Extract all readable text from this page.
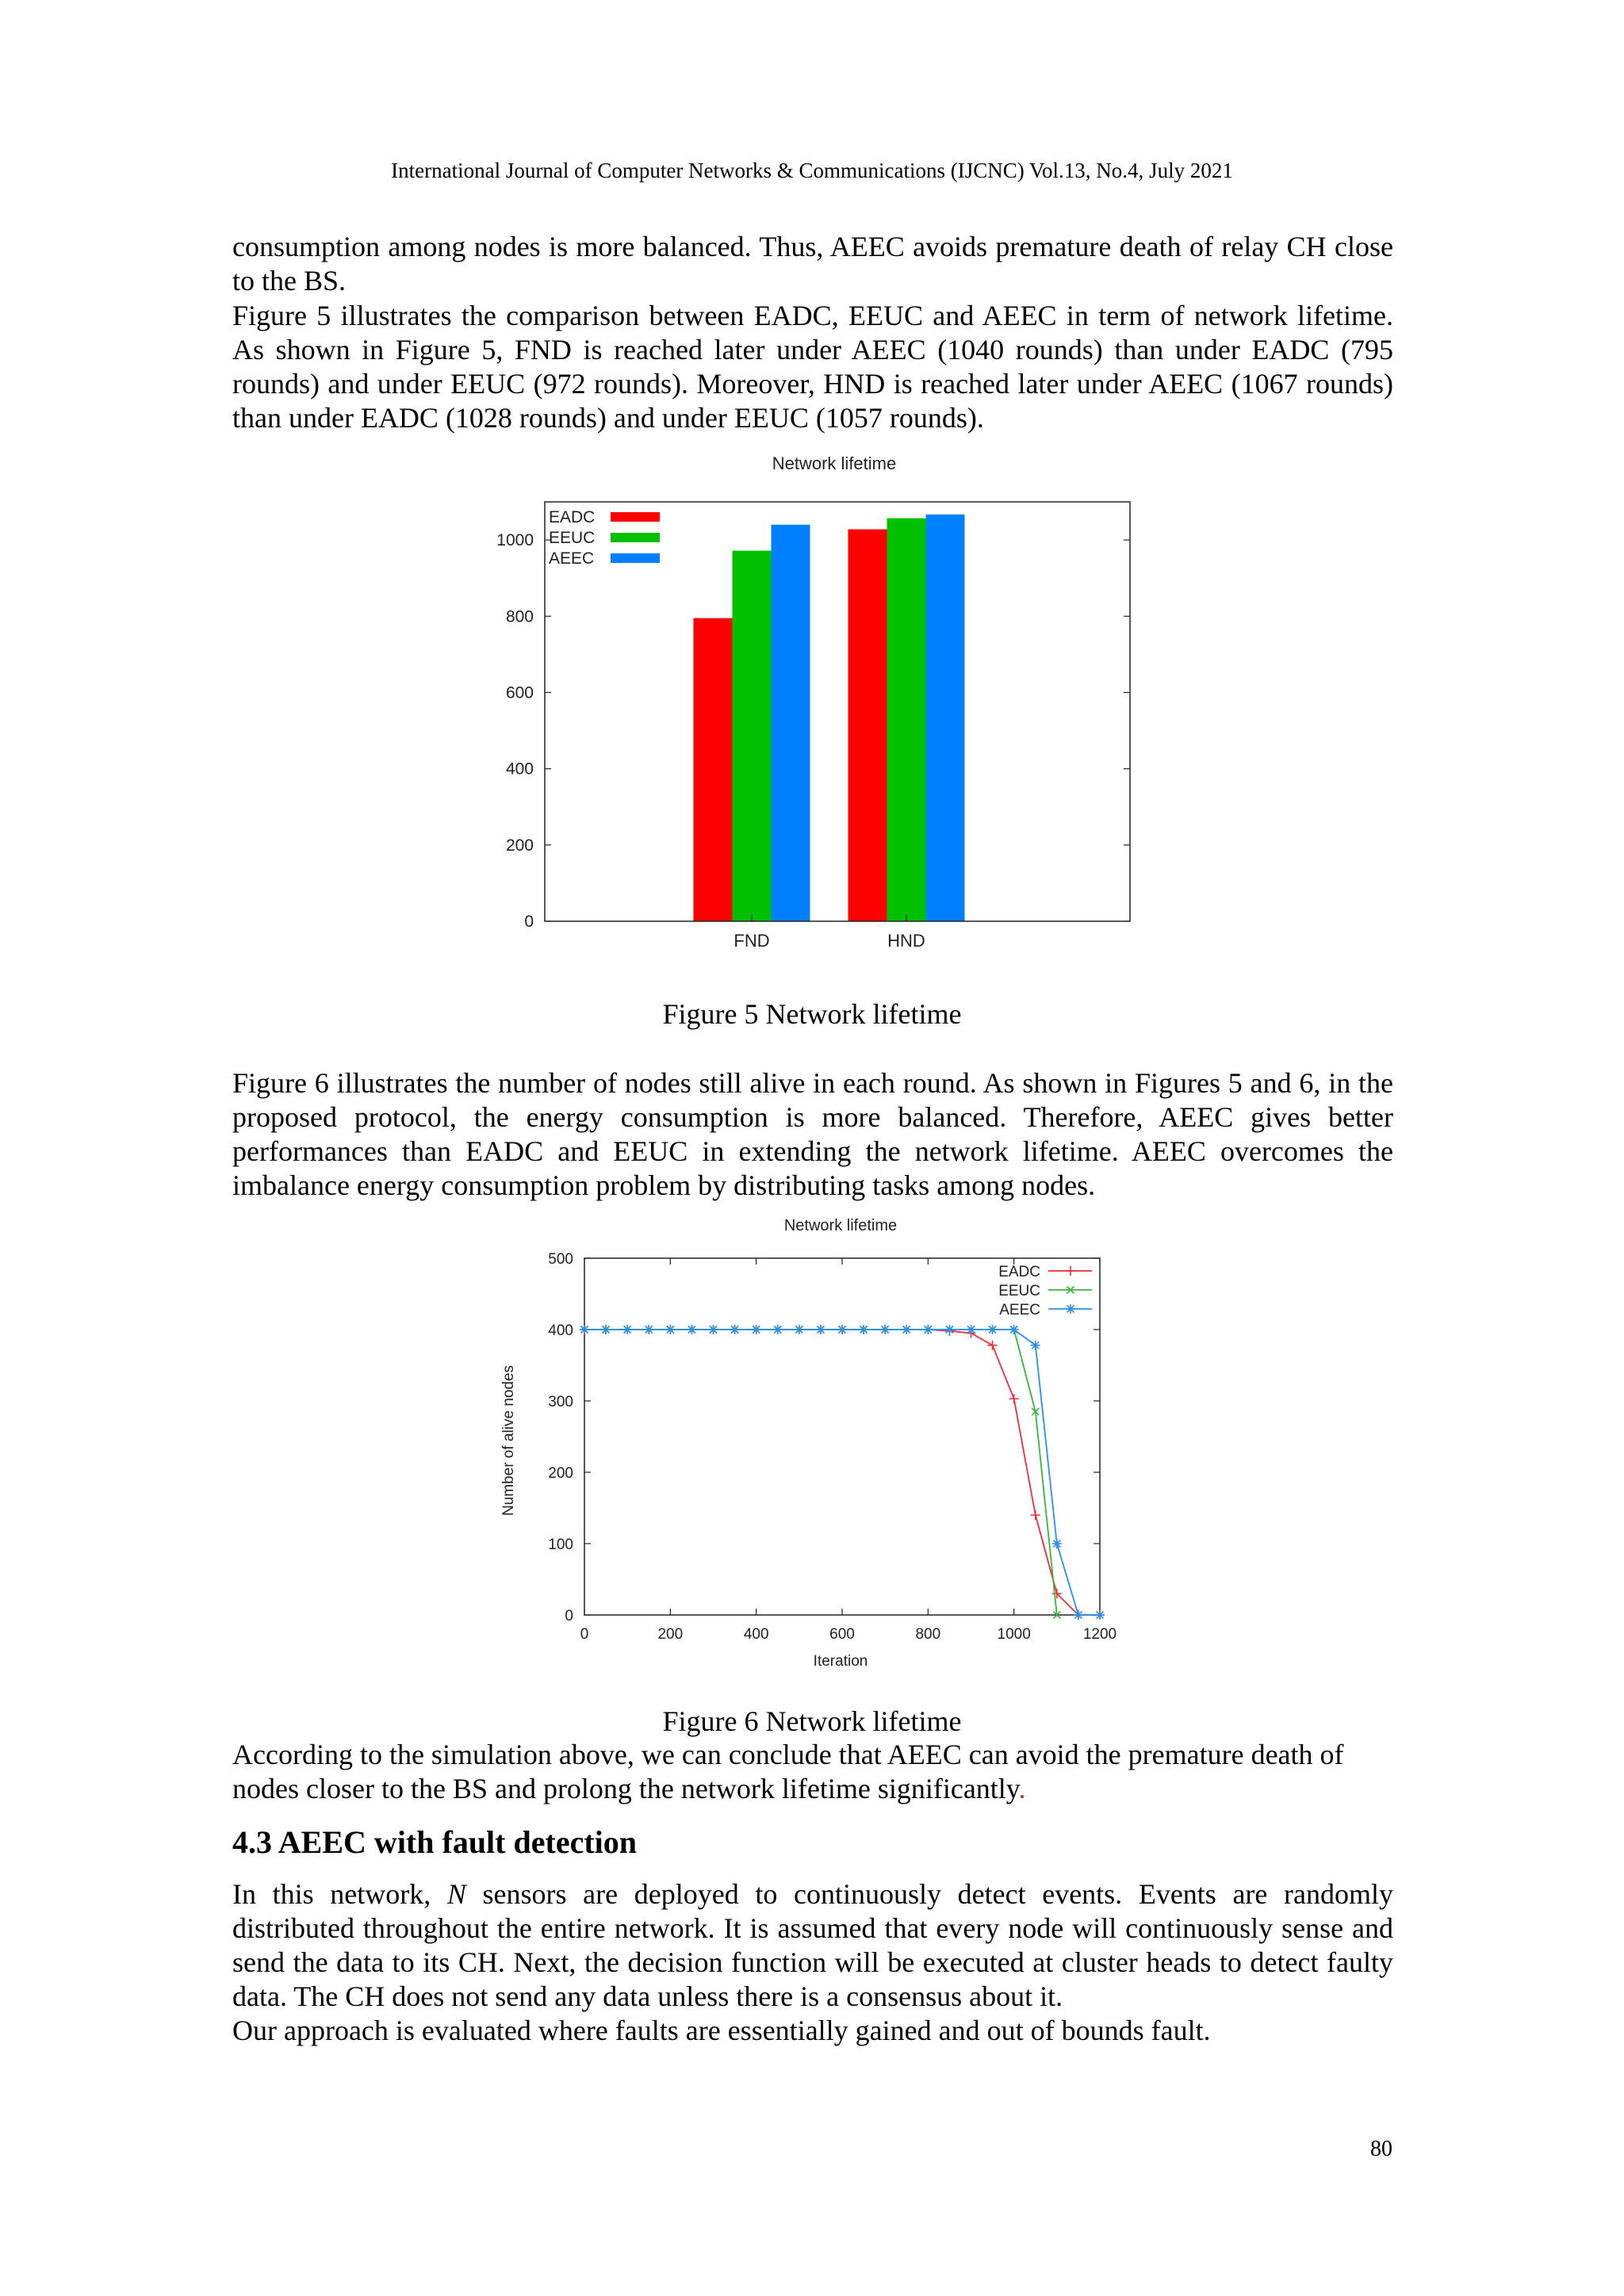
International Journal of Computer Networks & Communications (IJCNC) Vol.13, No.4, July 2021

consumption among nodes is more balanced. Thus, AEEC avoids premature death of relay CH close to the BS.

Figure 5 illustrates the comparison between EADC, EEUC and AEEC in term of network lifetime. As shown in Figure 5, FND is reached later under AEEC (1040 rounds) than under EADC (795 rounds) and under EEUC (972 rounds). Moreover, HND is reached later under AEEC (1067 rounds) than under EADC (1028 rounds) and under EEUC (1057 rounds).

Network lifetime
FND	HND
0
200
400
600
800
1000
EADC
EEUC
AEEC

Figure 5 Network lifetime

Figure 6 illustrates the number of nodes still alive in each round. As shown in Figures 5 and 6, in the proposed protocol, the energy consumption is more balanced. Therefore, AEEC gives better performances than EADC and EEUC in extending the network lifetime. AEEC overcomes the imbalance energy consumption problem by distributing tasks among nodes.

Network lifetime
Number of alive nodes
Iteration
0
100
200
300
400
500
0	200	400	600	800	1000	1200
EADC
EEUC
AEEC

Figure 6 Network lifetime

According to the simulation above, we can conclude that AEEC can avoid the premature death of nodes closer to the BS and prolong the network lifetime significantly.

4.3 AEEC with fault detection

In this network, N sensors are deployed to continuously detect events. Events are randomly distributed throughout the entire network. It is assumed that every node will continuously sense and send the data to its CH. Next, the decision function will be executed at cluster heads to detect faulty data. The CH does not send any data unless there is a consensus about it.

Our approach is evaluated where faults are essentially gained and out of bounds fault.

80
